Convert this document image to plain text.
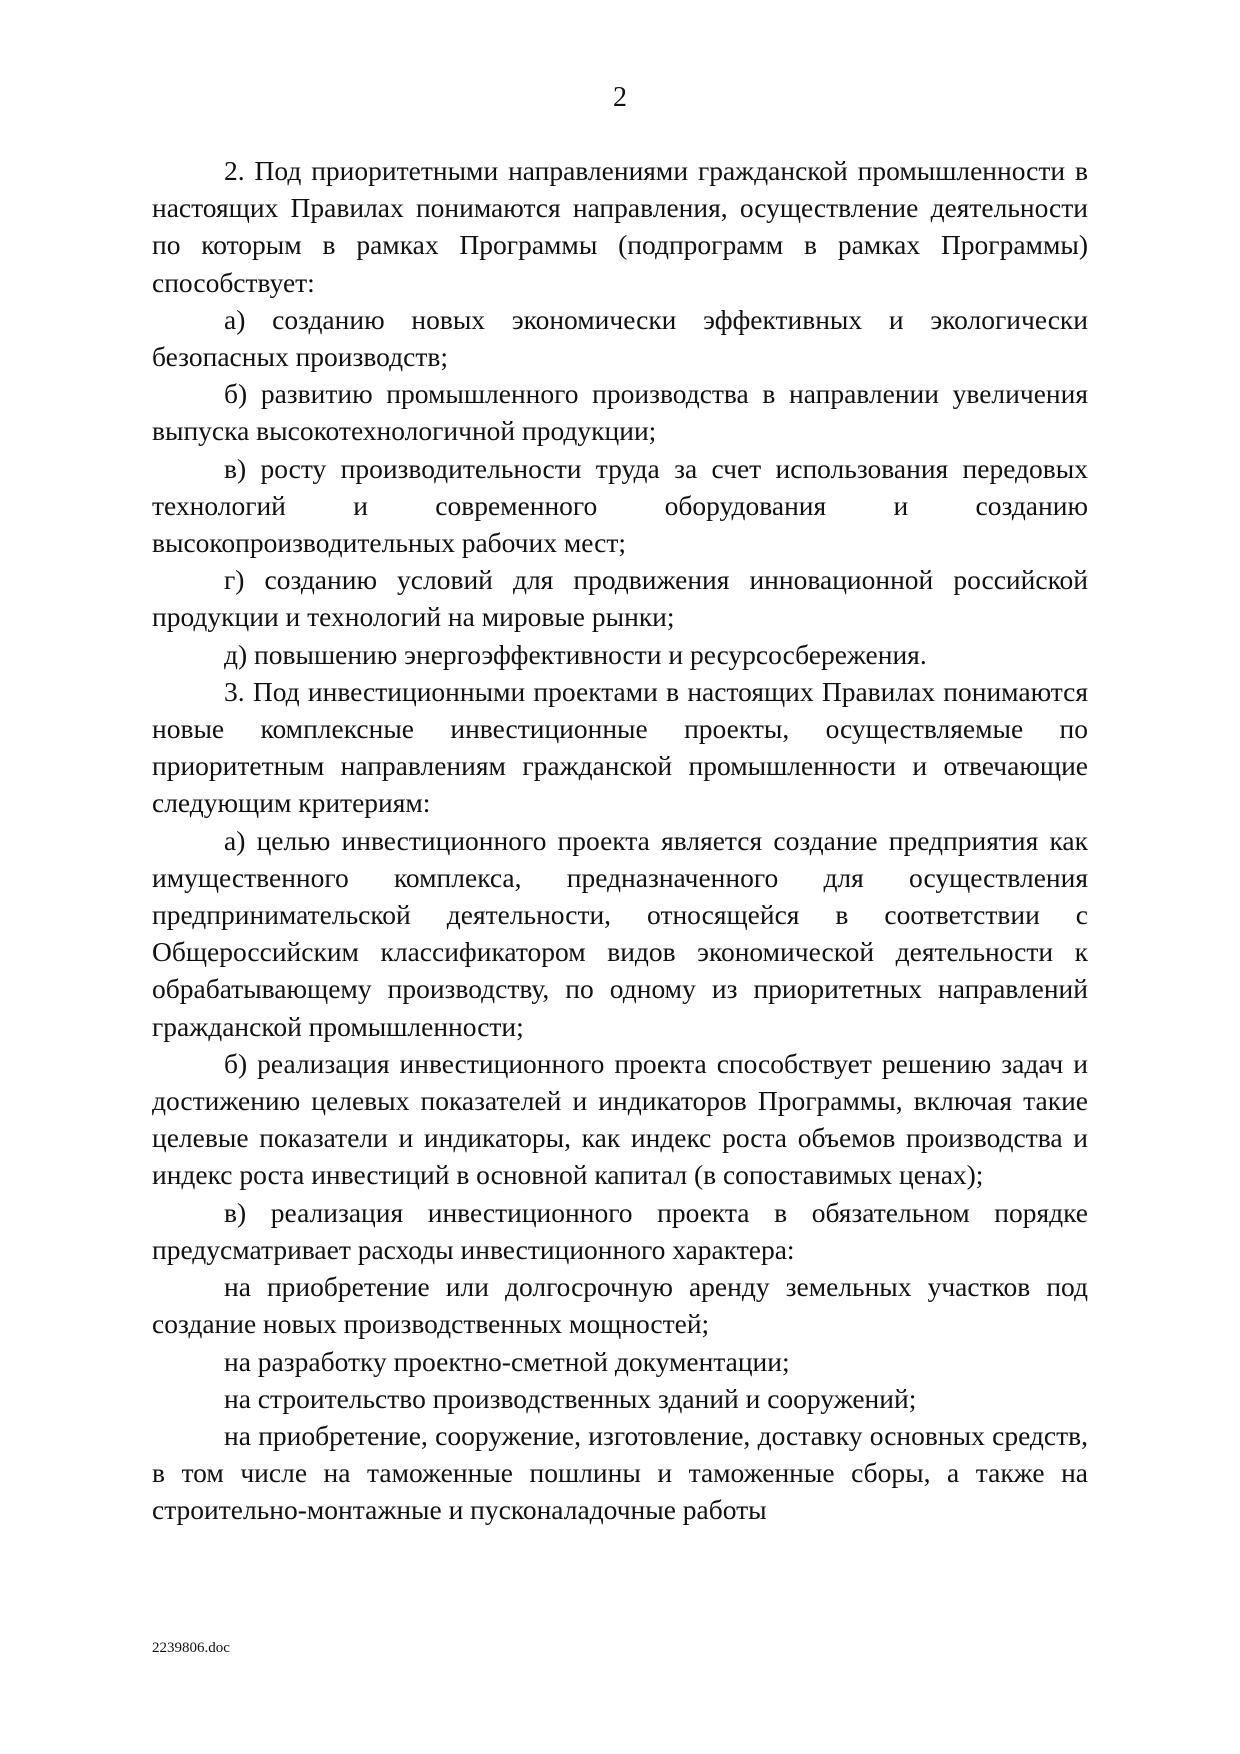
2

2. Под приоритетными направлениями гражданской промышленности в настоящих Правилах понимаются направления, осуществление деятельности по которым в рамках Программы (подпрограмм в рамках Программы) способствует:

а) созданию новых экономически эффективных и экологически безопасных производств;

б) развитию промышленного производства в направлении увеличения выпуска высокотехнологичной продукции;

в) росту производительности труда за счет использования передовых технологий и современного оборудования и созданию высокопроизводительных рабочих мест;

г) созданию условий для продвижения инновационной российской продукции и технологий на мировые рынки;

д) повышению энергоэффективности и ресурсосбережения.

3. Под инвестиционными проектами в настоящих Правилах понимаются новые комплексные инвестиционные проекты, осуществляемые по приоритетным направлениям гражданской промышленности и отвечающие следующим критериям:

а) целью инвестиционного проекта является создание предприятия как имущественного комплекса, предназначенного для осуществления предпринимательской деятельности, относящейся в соответствии с Общероссийским классификатором видов экономической деятельности к обрабатывающему производству, по одному из приоритетных направлений гражданской промышленности;

б) реализация инвестиционного проекта способствует решению задач и достижению целевых показателей и индикаторов Программы, включая такие целевые показатели и индикаторы, как индекс роста объемов производства и индекс роста инвестиций в основной капитал (в сопоставимых ценах);

в) реализация инвестиционного проекта в обязательном порядке предусматривает расходы инвестиционного характера:

на приобретение или долгосрочную аренду земельных участков под создание новых производственных мощностей;

на разработку проектно-сметной документации;

на строительство производственных зданий и сооружений;

на приобретение, сооружение, изготовление, доставку основных средств, в том числе на таможенные пошлины и таможенные сборы, а также на строительно-монтажные и пусконаладочные работы

2239806.doc
